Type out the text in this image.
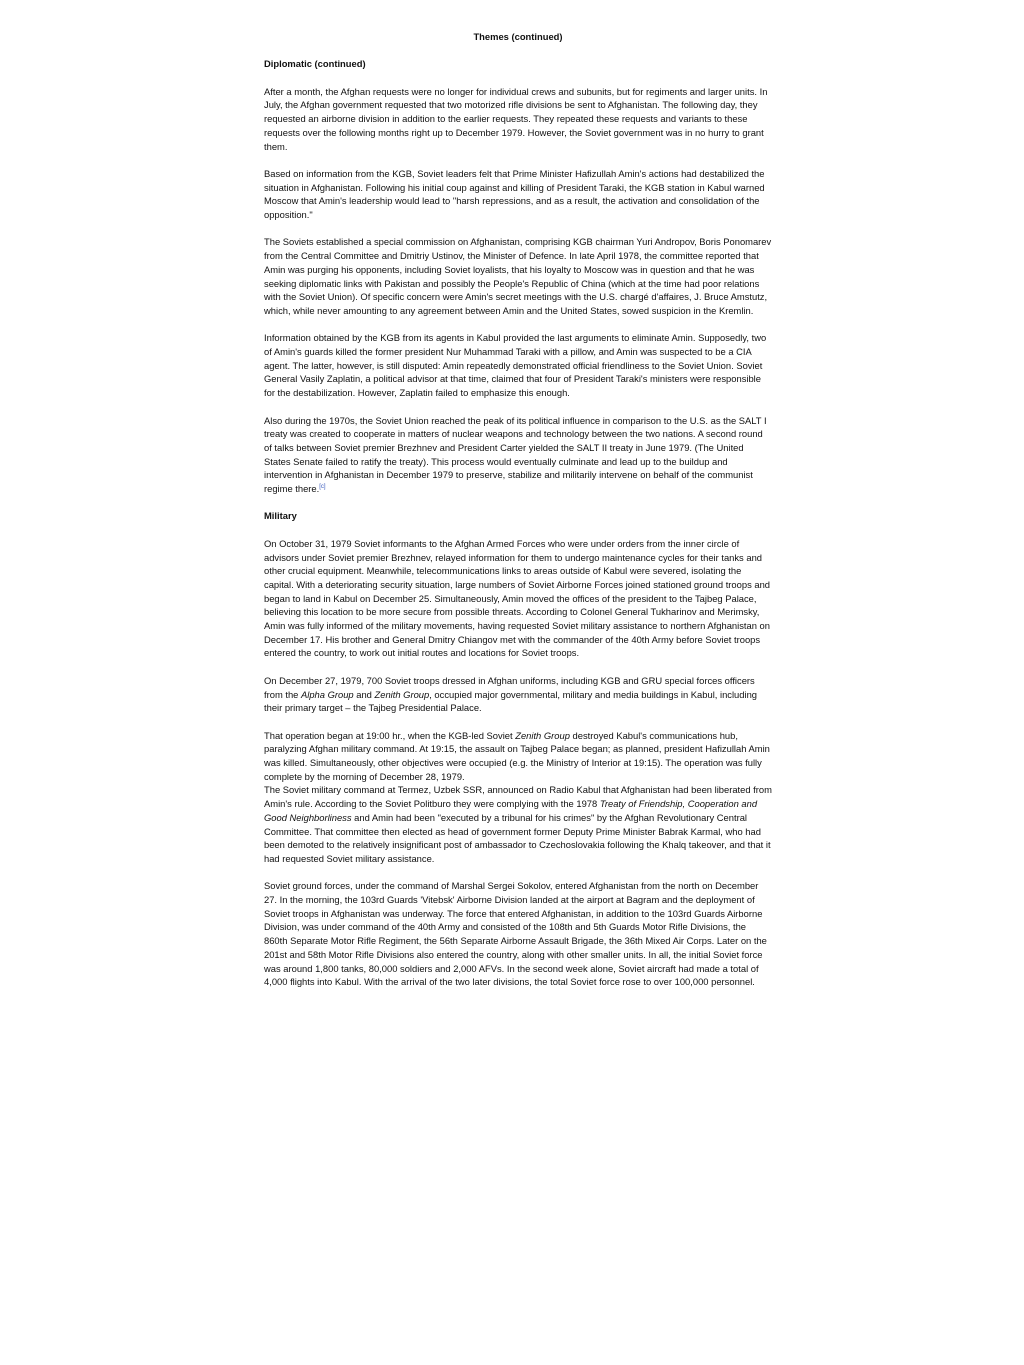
Themes (continued)
Diplomatic (continued)

After a month, the Afghan requests were no longer for individual crews and subunits, but for regiments and larger units. In July, the Afghan government requested that two motorized rifle divisions be sent to Afghanistan. The following day, they requested an airborne division in addition to the earlier requests. They repeated these requests and variants to these requests over the following months right up to December 1979. However, the Soviet government was in no hurry to grant them.

Based on information from the KGB, Soviet leaders felt that Prime Minister Hafizullah Amin's actions had destabilized the situation in Afghanistan. Following his initial coup against and killing of President Taraki, the KGB station in Kabul warned Moscow that Amin's leadership would lead to "harsh repressions, and as a result, the activation and consolidation of the opposition."

The Soviets established a special commission on Afghanistan, comprising KGB chairman Yuri Andropov, Boris Ponomarev from the Central Committee and Dmitriy Ustinov, the Minister of Defence. In late April 1978, the committee reported that Amin was purging his opponents, including Soviet loyalists, that his loyalty to Moscow was in question and that he was seeking diplomatic links with Pakistan and possibly the People's Republic of China (which at the time had poor relations with the Soviet Union). Of specific concern were Amin's secret meetings with the U.S. chargé d'affaires, J. Bruce Amstutz, which, while never amounting to any agreement between Amin and the United States, sowed suspicion in the Kremlin.

Information obtained by the KGB from its agents in Kabul provided the last arguments to eliminate Amin. Supposedly, two of Amin's guards killed the former president Nur Muhammad Taraki with a pillow, and Amin was suspected to be a CIA agent. The latter, however, is still disputed: Amin repeatedly demonstrated official friendliness to the Soviet Union. Soviet General Vasily Zaplatin, a political advisor at that time, claimed that four of President Taraki's ministers were responsible for the destabilization. However, Zaplatin failed to emphasize this enough.

Also during the 1970s, the Soviet Union reached the peak of its political influence in comparison to the U.S. as the SALT I treaty was created to cooperate in matters of nuclear weapons and technology between the two nations. A second round of talks between Soviet premier Brezhnev and President Carter yielded the SALT II treaty in June 1979. (The United States Senate failed to ratify the treaty). This process would eventually culminate and lead up to the buildup and intervention in Afghanistan in December 1979 to preserve, stabilize and militarily intervene on behalf of the communist regime there.[c]

Military

On October 31, 1979 Soviet informants to the Afghan Armed Forces who were under orders from the inner circle of advisors under Soviet premier Brezhnev, relayed information for them to undergo maintenance cycles for their tanks and other crucial equipment. Meanwhile, telecommunications links to areas outside of Kabul were severed, isolating the capital. With a deteriorating security situation, large numbers of Soviet Airborne Forces joined stationed ground troops and began to land in Kabul on December 25. Simultaneously, Amin moved the offices of the president to the Tajbeg Palace, believing this location to be more secure from possible threats. According to Colonel General Tukharinov and Merimsky, Amin was fully informed of the military movements, having requested Soviet military assistance to northern Afghanistan on December 17. His brother and General Dmitry Chiangov met with the commander of the 40th Army before Soviet troops entered the country, to work out initial routes and locations for Soviet troops.

On December 27, 1979, 700 Soviet troops dressed in Afghan uniforms, including KGB and GRU special forces officers from the Alpha Group and Zenith Group, occupied major governmental, military and media buildings in Kabul, including their primary target – the Tajbeg Presidential Palace.

That operation began at 19:00 hr., when the KGB-led Soviet Zenith Group destroyed Kabul's communications hub, paralyzing Afghan military command. At 19:15, the assault on Tajbeg Palace began; as planned, president Hafizullah Amin was killed. Simultaneously, other objectives were occupied (e.g. the Ministry of Interior at 19:15). The operation was fully complete by the morning of December 28, 1979.

The Soviet military command at Termez, Uzbek SSR, announced on Radio Kabul that Afghanistan had been liberated from Amin's rule. According to the Soviet Politburo they were complying with the 1978 Treaty of Friendship, Cooperation and Good Neighborliness and Amin had been "executed by a tribunal for his crimes" by the Afghan Revolutionary Central Committee. That committee then elected as head of government former Deputy Prime Minister Babrak Karmal, who had been demoted to the relatively insignificant post of ambassador to Czechoslovakia following the Khalq takeover, and that it had requested Soviet military assistance.

Soviet ground forces, under the command of Marshal Sergei Sokolov, entered Afghanistan from the north on December 27. In the morning, the 103rd Guards 'Vitebsk' Airborne Division landed at the airport at Bagram and the deployment of Soviet troops in Afghanistan was underway. The force that entered Afghanistan, in addition to the 103rd Guards Airborne Division, was under command of the 40th Army and consisted of the 108th and 5th Guards Motor Rifle Divisions, the 860th Separate Motor Rifle Regiment, the 56th Separate Airborne Assault Brigade, the 36th Mixed Air Corps. Later on the 201st and 58th Motor Rifle Divisions also entered the country, along with other smaller units. In all, the initial Soviet force was around 1,800 tanks, 80,000 soldiers and 2,000 AFVs. In the second week alone, Soviet aircraft had made a total of 4,000 flights into Kabul. With the arrival of the two later divisions, the total Soviet force rose to over 100,000 personnel.
